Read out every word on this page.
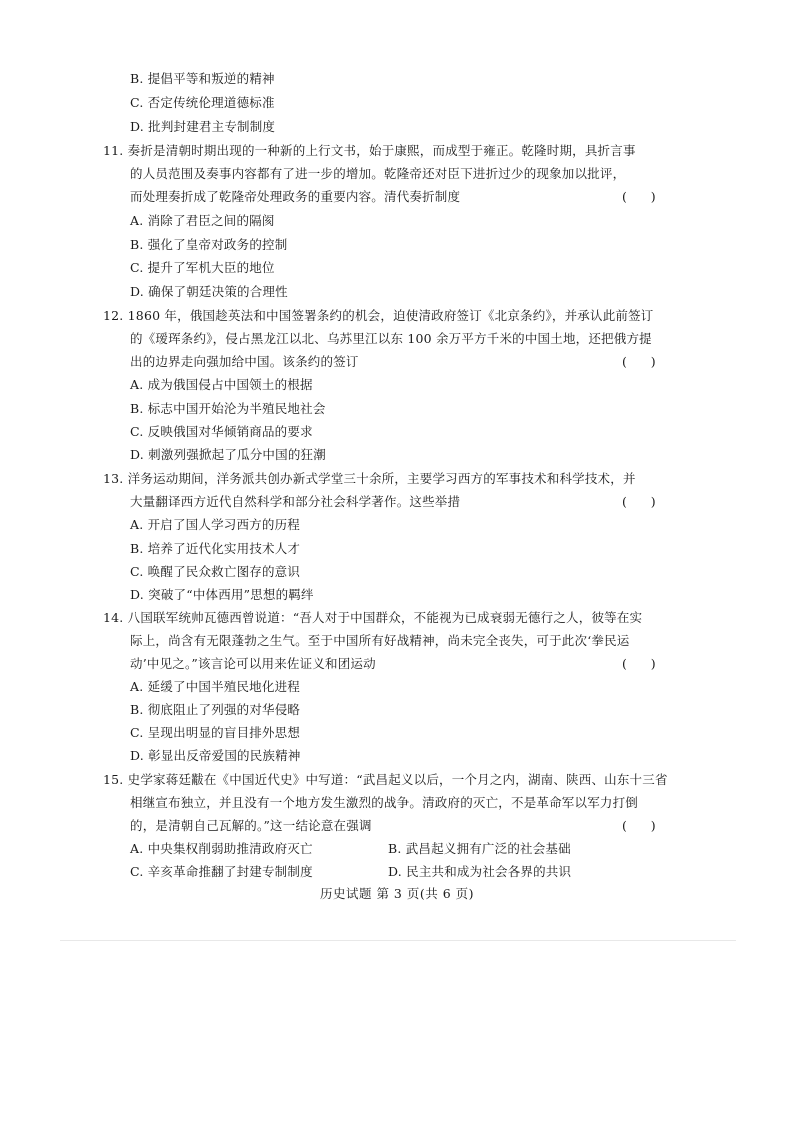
B. 提倡平等和叛逆的精神
C. 否定传统伦理道德标准
D. 批判封建君主专制制度
11. 奏折是清朝时期出现的一种新的上行文书，始于康熙，而成型于雍正。乾隆时期，具折言事
的人员范围及奏事内容都有了进一步的增加。乾隆帝还对臣下进折过少的现象加以批评，
而处理奏折成了乾隆帝处理政务的重要内容。清代奏折制度	(      )
A. 消除了君臣之间的隔阂
B. 强化了皇帝对政务的控制
C. 提升了军机大臣的地位
D. 确保了朝廷决策的合理性
12. 1860 年，俄国趁英法和中国签署条约的机会，迫使清政府签订《北京条约》，并承认此前签订
的《瑷珲条约》，侵占黑龙江以北、乌苏里江以东 100 余万平方千米的中国土地，还把俄方提
出的边界走向强加给中国。该条约的签订	(      )
A. 成为俄国侵占中国领土的根据
B. 标志中国开始沦为半殖民地社会
C. 反映俄国对华倾销商品的要求
D. 刺激列强掀起了瓜分中国的狂潮
13. 洋务运动期间，洋务派共创办新式学堂三十余所，主要学习西方的军事技术和科学技术，并
大量翻译西方近代自然科学和部分社会科学著作。这些举措	(      )
A. 开启了国人学习西方的历程
B. 培养了近代化实用技术人才
C. 唤醒了民众救亡图存的意识
D. 突破了“中体西用”思想的羁绊
14. 八国联军统帅瓦德西曾说道：“吾人对于中国群众，不能视为已成衰弱无德行之人，彼等在实
际上，尚含有无限蓬勃之生气。至于中国所有好战精神，尚未完全丧失，可于此次‘拳民运
动’中见之。”该言论可以用来佐证义和团运动	(      )
A. 延缓了中国半殖民地化进程
B. 彻底阻止了列强的对华侵略
C. 呈现出明显的盲目排外思想
D. 彰显出反帝爱国的民族精神
15. 史学家蒋廷黻在《中国近代史》中写道：“武昌起义以后，一个月之内，湖南、陕西、山东十三省
相继宣布独立，并且没有一个地方发生激烈的战争。清政府的灭亡，不是革命军以军力打倒
的，是清朝自己瓦解的。”这一结论意在强调	(      )
A. 中央集权削弱助推清政府灭亡	B. 武昌起义拥有广泛的社会基础
C. 辛亥革命推翻了封建专制制度	D. 民主共和成为社会各界的共识
历史试题 第 3 页(共 6 页)
